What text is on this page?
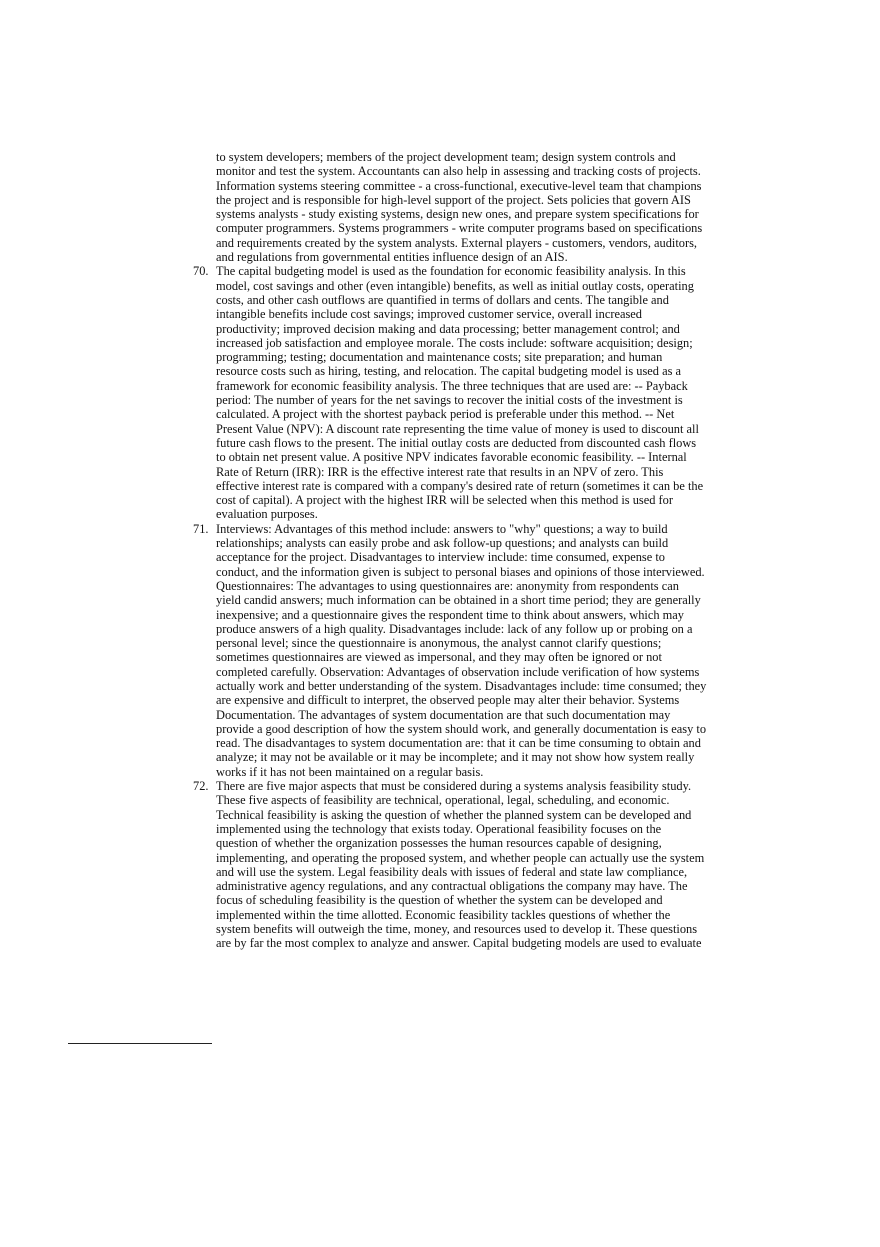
to system developers; members of the project development team; design system controls and
monitor and test the system. Accountants can also help in assessing and tracking costs of projects.
Information systems steering committee - a cross-functional, executive-level team that champions
the project and is responsible for high-level support of the project. Sets policies that govern AIS
systems analysts - study existing systems, design new ones, and prepare system specifications for
computer programmers. Systems programmers - write computer programs based on specifications
and requirements created by the system analysts. External players - customers, vendors, auditors,
and regulations from governmental entities influence design of an AIS.
70. The capital budgeting model is used as the foundation for economic feasibility analysis. In this
model, cost savings and other (even intangible) benefits, as well as initial outlay costs, operating
costs, and other cash outflows are quantified in terms of dollars and cents. The tangible and
intangible benefits include cost savings; improved customer service, overall increased
productivity; improved decision making and data processing; better management control; and
increased job satisfaction and employee morale. The costs include: software acquisition; design;
programming; testing; documentation and maintenance costs; site preparation; and human
resource costs such as hiring, testing, and relocation. The capital budgeting model is used as a
framework for economic feasibility analysis. The three techniques that are used are: -- Payback
period: The number of years for the net savings to recover the initial costs of the investment is
calculated. A project with the shortest payback period is preferable under this method. -- Net
Present Value (NPV): A discount rate representing the time value of money is used to discount all
future cash flows to the present. The initial outlay costs are deducted from discounted cash flows
to obtain net present value. A positive NPV indicates favorable economic feasibility. -- Internal
Rate of Return (IRR): IRR is the effective interest rate that results in an NPV of zero. This
effective interest rate is compared with a company's desired rate of return (sometimes it can be the
cost of capital). A project with the highest IRR will be selected when this method is used for
evaluation purposes.
71. Interviews: Advantages of this method include: answers to "why" questions; a way to build
relationships; analysts can easily probe and ask follow-up questions; and analysts can build
acceptance for the project. Disadvantages to interview include: time consumed, expense to
conduct, and the information given is subject to personal biases and opinions of those interviewed.
Questionnaires: The advantages to using questionnaires are: anonymity from respondents can
yield candid answers; much information can be obtained in a short time period; they are generally
inexpensive; and a questionnaire gives the respondent time to think about answers, which may
produce answers of a high quality. Disadvantages include: lack of any follow up or probing on a
personal level; since the questionnaire is anonymous, the analyst cannot clarify questions;
sometimes questionnaires are viewed as impersonal, and they may often be ignored or not
completed carefully. Observation: Advantages of observation include verification of how systems
actually work and better understanding of the system. Disadvantages include: time consumed; they
are expensive and difficult to interpret, the observed people may alter their behavior. Systems
Documentation. The advantages of system documentation are that such documentation may
provide a good description of how the system should work, and generally documentation is easy to
read. The disadvantages to system documentation are: that it can be time consuming to obtain and
analyze; it may not be available or it may be incomplete; and it may not show how system really
works if it has not been maintained on a regular basis.
72. There are five major aspects that must be considered during a systems analysis feasibility study.
These five aspects of feasibility are technical, operational, legal, scheduling, and economic.
Technical feasibility is asking the question of whether the planned system can be developed and
implemented using the technology that exists today. Operational feasibility focuses on the
question of whether the organization possesses the human resources capable of designing,
implementing, and operating the proposed system, and whether people can actually use the system
and will use the system. Legal feasibility deals with issues of federal and state law compliance,
administrative agency regulations, and any contractual obligations the company may have. The
focus of scheduling feasibility is the question of whether the system can be developed and
implemented within the time allotted. Economic feasibility tackles questions of whether the
system benefits will outweigh the time, money, and resources used to develop it. These questions
are by far the most complex to analyze and answer. Capital budgeting models are used to evaluate
